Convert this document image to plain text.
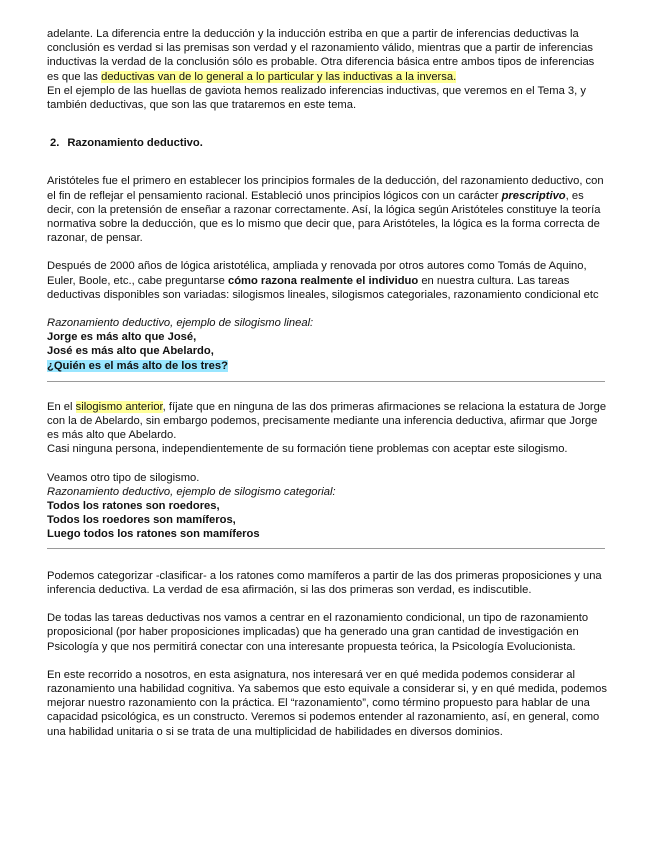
adelante. La diferencia entre la deducción y la inducción estriba en que a partir de inferencias deductivas la conclusión es verdad si las premisas son verdad y el razonamiento válido, mientras que a partir de inferencias inductivas la verdad de la conclusión sólo es probable. Otra diferencia básica entre ambos tipos de inferencias es que las deductivas van de lo general a lo particular y las inductivas a la inversa.

En el ejemplo de las huellas de gaviota hemos realizado inferencias inductivas, que veremos en el Tema 3, y también deductivas, que son las que trataremos en este tema.

2. Razonamiento deductivo.

Aristóteles fue el primero en establecer los principios formales de la deducción, del razonamiento deductivo, con el fin de reflejar el pensamiento racional. Estableció unos principios lógicos con un carácter prescriptivo, es decir, con la pretensión de enseñar a razonar correctamente. Así, la lógica según Aristóteles constituye la teoría normativa sobre la deducción, que es lo mismo que decir que, para Aristóteles, la lógica es la forma correcta de razonar, de pensar.

Después de 2000 años de lógica aristotélica, ampliada y renovada por otros autores como Tomás de Aquino, Euler, Boole, etc., cabe preguntarse cómo razona realmente el individuo en nuestra cultura. Las tareas deductivas disponibles son variadas: silogismos lineales, silogismos categoriales, razonamiento condicional etc

Razonamiento deductivo, ejemplo de silogismo lineal:

Jorge es más alto que José,

José es más alto que Abelardo,

¿Quién es el más alto de los tres?

En el silogismo anterior, fíjate que en ninguna de las dos primeras afirmaciones se relaciona la estatura de Jorge con la de Abelardo, sin embargo podemos, precisamente mediante una inferencia deductiva, afirmar que Jorge es más alto que Abelardo.

Casi ninguna persona, independientemente de su formación tiene problemas con aceptar este silogismo.

Veamos otro tipo de silogismo.

Razonamiento deductivo, ejemplo de silogismo categorial:

Todos los ratones son roedores,

Todos los roedores son mamíferos,

Luego todos los ratones son mamíferos

Podemos categorizar -clasificar- a los ratones como mamíferos a partir de las dos primeras proposiciones y una inferencia deductiva. La verdad de esa afirmación, si las dos primeras son verdad, es indiscutible.

De todas las tareas deductivas nos vamos a centrar en el razonamiento condicional, un tipo de razonamiento proposicional (por haber proposiciones implicadas) que ha generado una gran cantidad de investigación en Psicología y que nos permitirá conectar con una interesante propuesta teórica, la Psicología Evolucionista.

En este recorrido a nosotros, en esta asignatura, nos interesará ver en qué medida podemos considerar al razonamiento una habilidad cognitiva. Ya sabemos que esto equivale a considerar si, y en qué medida, podemos mejorar nuestro razonamiento con la práctica. El “razonamiento”, como término propuesto para hablar de una capacidad psicológica, es un constructo. Veremos si podemos entender al razonamiento, así, en general, como una habilidad unitaria o si se trata de una multiplicidad de habilidades en diversos dominios.
